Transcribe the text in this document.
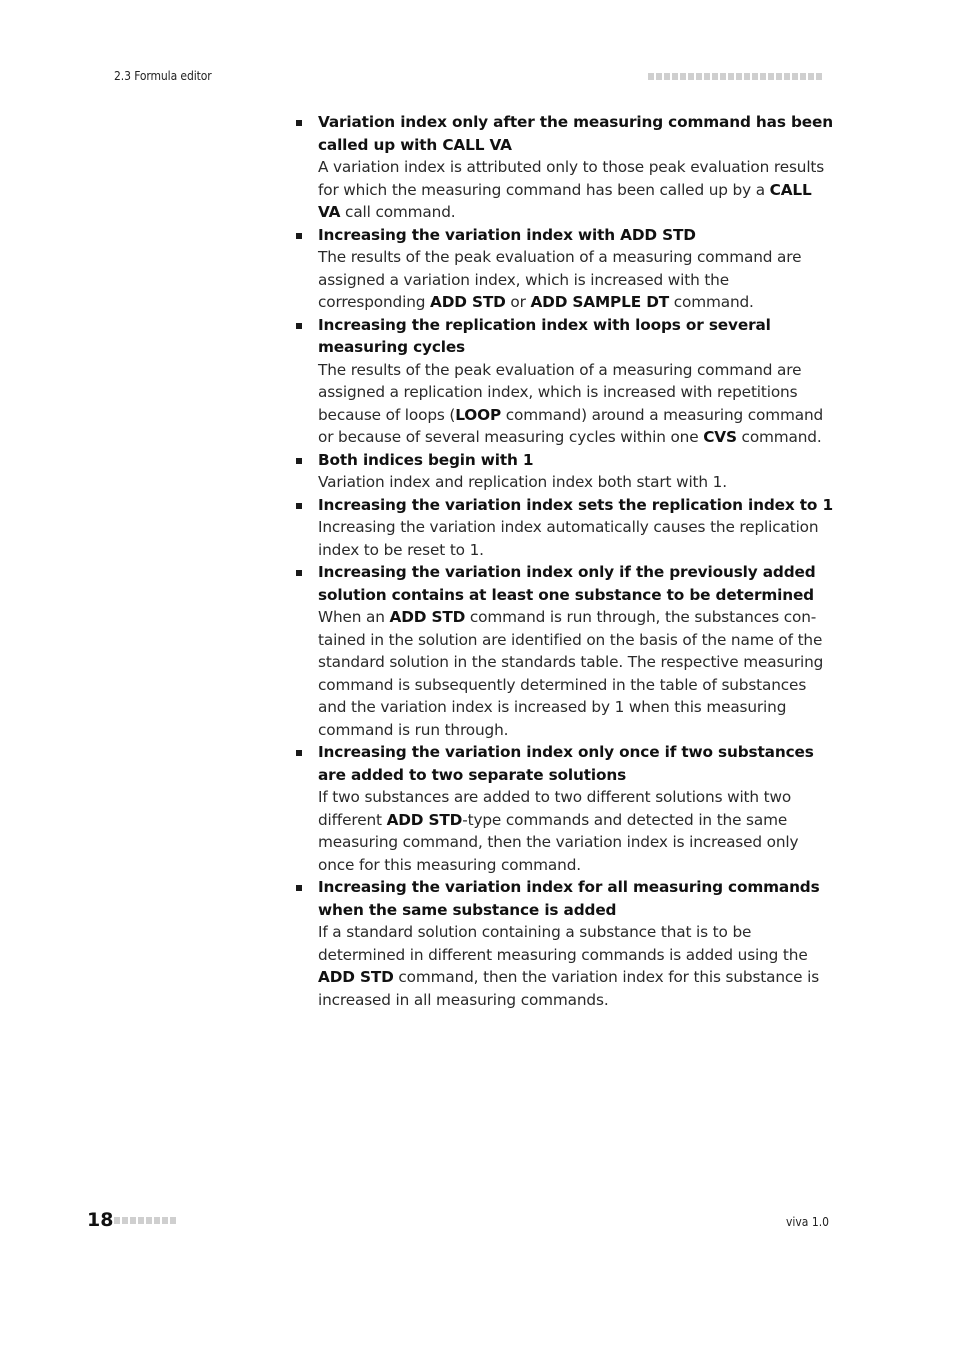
2.3 Formula editor
Variation index only after the measuring command has been called up with CALL VA
A variation index is attributed only to those peak evaluation results for which the measuring command has been called up by a CALL VA call command.
Increasing the variation index with ADD STD
The results of the peak evaluation of a measuring command are assigned a variation index, which is increased with the corresponding ADD STD or ADD SAMPLE DT command.
Increasing the replication index with loops or several measuring cycles
The results of the peak evaluation of a measuring command are assigned a replication index, which is increased with repetitions because of loops (LOOP command) around a measuring command or because of several measuring cycles within one CVS command.
Both indices begin with 1
Variation index and replication index both start with 1.
Increasing the variation index sets the replication index to 1
Increasing the variation index automatically causes the replication index to be reset to 1.
Increasing the variation index only if the previously added solution contains at least one substance to be determined
When an ADD STD command is run through, the substances contained in the solution are identified on the basis of the name of the standard solution in the standards table. The respective measuring command is subsequently determined in the table of substances and the variation index is increased by 1 when this measuring command is run through.
Increasing the variation index only once if two substances are added to two separate solutions
If two substances are added to two different solutions with two different ADD STD-type commands and detected in the same measuring command, then the variation index is increased only once for this measuring command.
Increasing the variation index for all measuring commands when the same substance is added
If a standard solution containing a substance that is to be determined in different measuring commands is added using the ADD STD command, then the variation index for this substance is increased in all measuring commands.
18	viva 1.0
